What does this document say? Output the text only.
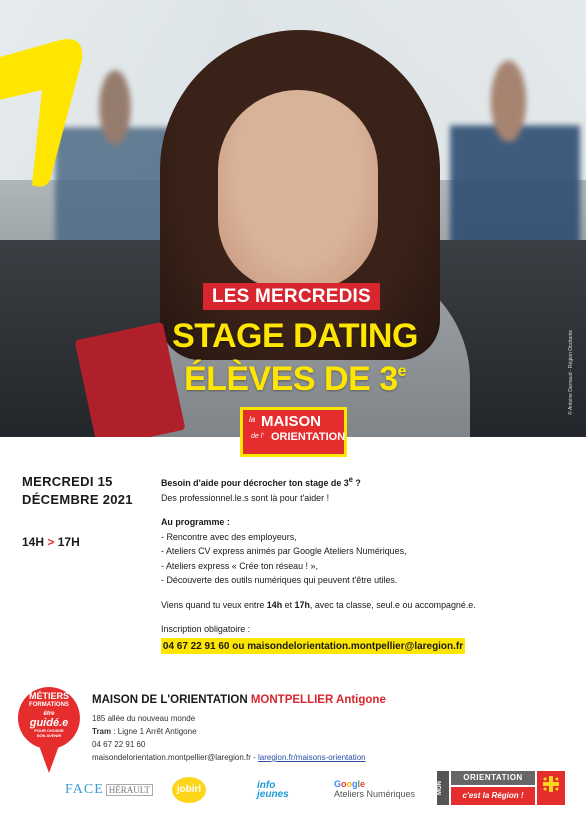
© Antoine Darnaud - Région Occitanie
LES MERCREDIS
STAGE DATING
ÉLÈVES DE 3e
la MAISON
de l' ORIENTATION
MERCREDI 15
DÉCEMBRE 2021
14H > 17H
Besoin d'aide pour décrocher ton stage de 3e ?
Des professionnel.le.s sont là pour t'aider !
Au programme :
- Rencontre avec des employeurs,
- Ateliers CV express animés par Google Ateliers Numériques,
- Ateliers express « Crée ton réseau ! »,
- Découverte des outils numériques qui peuvent t'être utiles.
Viens quand tu veux entre 14h et 17h, avec ta classe, seul.e ou accompagné.e.
Inscription obligatoire :
04 67 22 91 60 ou maisondelorientation.montpellier@laregion.fr
MÉTIERS
FORMATIONS
être
guidé.e
POUR CHOISIR
SON AVENIR
MAISON DE L'ORIENTATION MONTPELLIER Antigone
185 allée du nouveau monde
Tram : Ligne 1 Arrêt Antigone
04 67 22 91 60
maisondelorientation.montpellier@laregion.fr - laregion.fr/maisons-orientation
FACE HÉRAULT	jobirl	info
jeunes
Google
Ateliers Numériques	MON
ORIENTATION
c'est la Région !
